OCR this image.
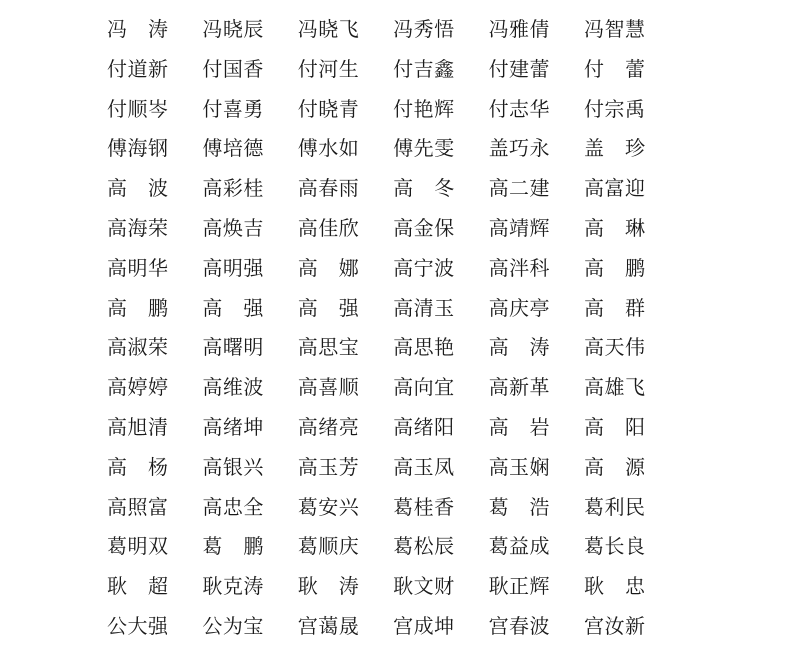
冯　涛	冯晓辰	冯晓飞	冯秀悟	冯雅倩	冯智慧
付道新	付国香	付河生	付吉鑫	付建蕾	付　蕾
付顺岑	付喜勇	付晓青	付艳辉	付志华	付宗禹
傅海钢	傅培德	傅水如	傅先雯	盖巧永	盖　珍
高　波	高彩桂	高春雨	高　冬	高二建	高富迎
高海荣	高焕吉	高佳欣	高金保	高靖辉	高　琳
高明华	高明强	高　娜	高宁波	高泮科	高　鹏
高　鹏	高　强	高　强	高清玉	高庆亭	高　群
高淑荣	高曙明	高思宝	高思艳	高　涛	高天伟
高婷婷	高维波	高喜顺	高向宜	高新革	高雄飞
高旭清	高绪坤	高绪亮	高绪阳	高　岩	高　阳
高　杨	高银兴	高玉芳	高玉凤	高玉娴	高　源
高照富	高忠全	葛安兴	葛桂香	葛　浩	葛利民
葛明双	葛　鹏	葛顺庆	葛松辰	葛益成	葛长良
耿　超	耿克涛	耿　涛	耿文财	耿正辉	耿　忠
公大强	公为宝	宫蔼晟	宫成坤	宫春波	宫汝新
